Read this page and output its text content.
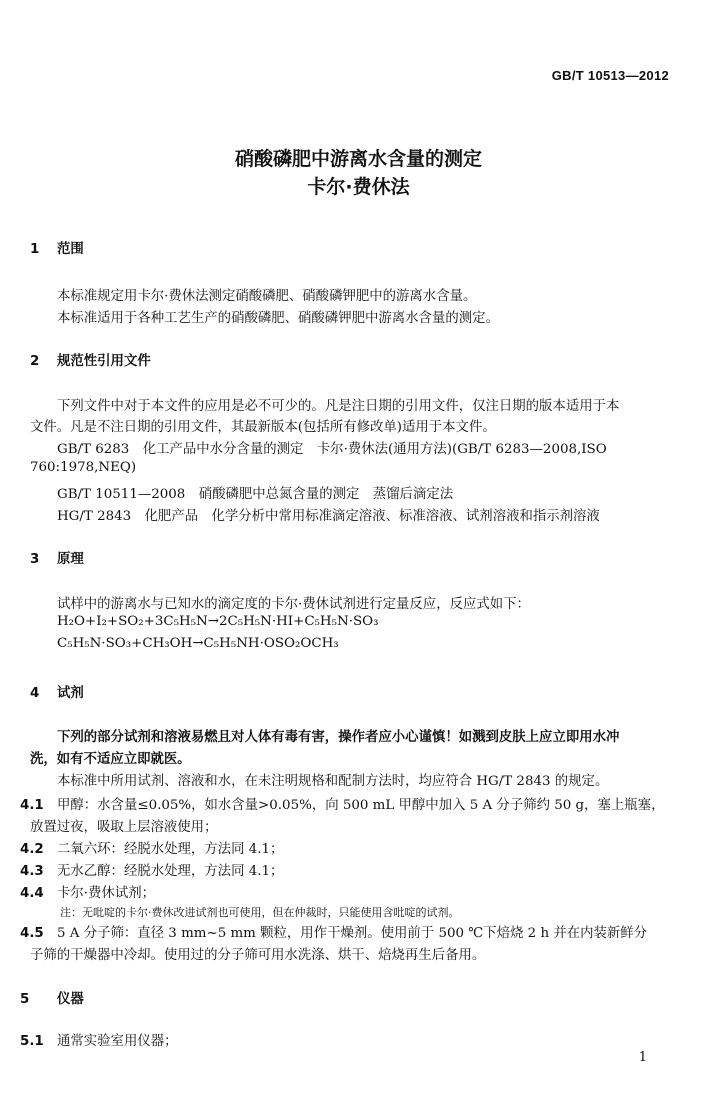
GB/T 10513—2012
硝酸磷肥中游离水含量的测定
卡尔·费休法
1 范围
本标准规定用卡尔·费休法测定硝酸磷肥、硝酸磷钾肥中的游离水含量。
本标准适用于各种工艺生产的硝酸磷肥、硝酸磷钾肥中游离水含量的测定。
2 规范性引用文件
下列文件中对于本文件的应用是必不可少的。凡是注日期的引用文件，仅注日期的版本适用于本
文件。凡是不注日期的引用文件，其最新版本(包括所有修改单)适用于本文件。
GB/T 6283　化工产品中水分含量的测定　卡尔·费休法(通用方法)(GB/T 6283—2008,ISO
760:1978,NEQ)
GB/T 10511—2008　硝酸磷肥中总氮含量的测定　蒸馏后滴定法
HG/T 2843　化肥产品　化学分析中常用标准滴定溶液、标准溶液、试剂溶液和指示剂溶液
3 原理
试样中的游离水与已知水的滴定度的卡尔·费休试剂进行定量反应，反应式如下：
H₂O+I₂+SO₂+3C₅H₅N→2C₅H₅N·HI+C₅H₅N·SO₃
C₅H₅N·SO₃+CH₃OH→C₅H₅NH·OSO₂OCH₃
4 试剂
下列的部分试剂和溶液易燃且对人体有毒有害，操作者应小心谨慎！如溅到皮肤上应立即用水冲
洗，如有不适应立即就医。
本标准中所用试剂、溶液和水，在未注明规格和配制方法时，均应符合 HG/T 2843 的规定。
4.1 甲醇：水含量≤0.05%，如水含量>0.05%，向 500 mL 甲醇中加入 5 A 分子筛约 50 g，塞上瓶塞，
放置过夜，吸取上层溶液使用；
4.2 二氧六环：经脱水处理，方法同 4.1；
4.3 无水乙醇：经脱水处理，方法同 4.1；
4.4 卡尔·费休试剂；
注：无吡啶的卡尔·费休改进试剂也可使用，但在仲裁时，只能使用含吡啶的试剂。
4.5 5 A 分子筛：直径 3 mm~5 mm 颗粒，用作干燥剂。使用前于 500 ℃下焙烧 2 h 并在内装新鲜分
子筛的干燥器中冷却。使用过的分子筛可用水洗涤、烘干、焙烧再生后备用。
5 仪器
5.1 通常实验室用仪器；
1
